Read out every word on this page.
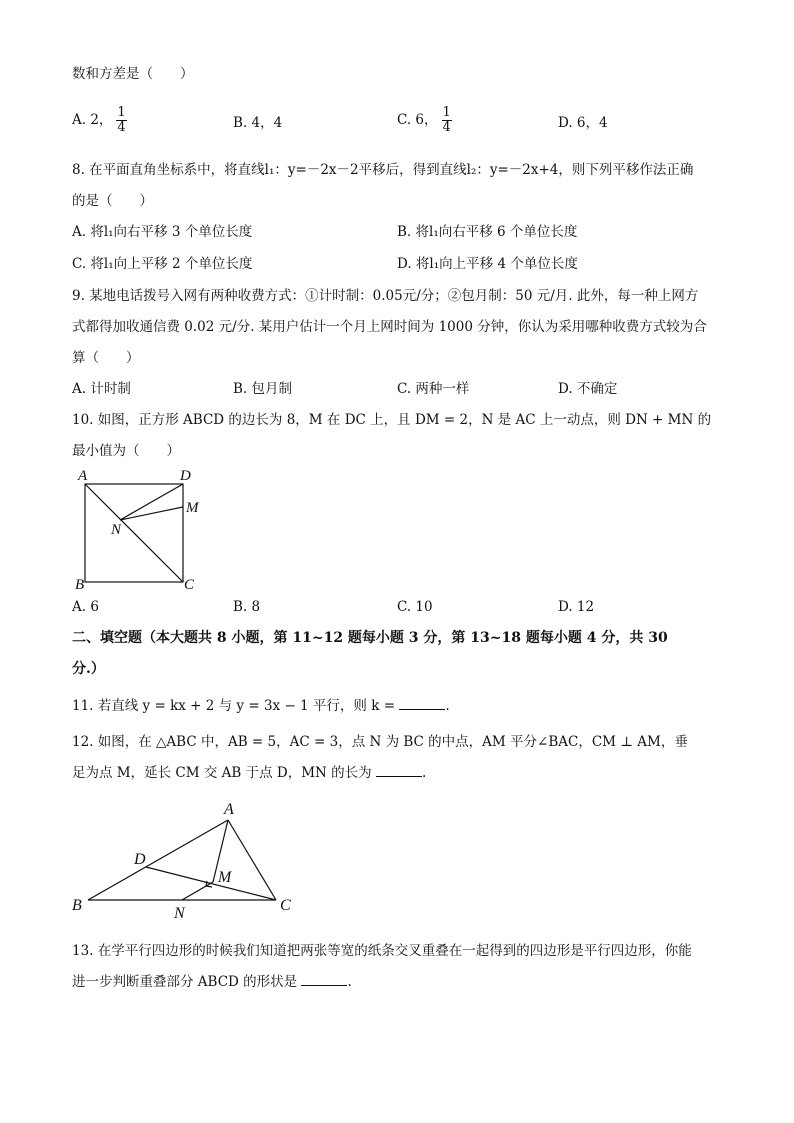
数和方差是（　　）
A. 2， $\frac{1}{4}$	B. 4，4	C. 6， $\frac{1}{4}$	D. 6，4
8. 在平面直角坐标系中，将直线l₁：y=－2x－2平移后，得到直线l₂：y=－2x+4，则下列平移作法正确
的是（　　）
A. 将l₁向右平移 3 个单位长度	B. 将l₁向右平移 6 个单位长度
C. 将l₁向上平移 2 个单位长度	D. 将l₁向上平移 4 个单位长度
9. 某地电话拨号入网有两种收费方式：①计时制：0.05元/分；②包月制：50 元/月. 此外，每一种上网方
式都得加收通信费 0.02 元/分. 某用户估计一个月上网时间为 1000 分钟，你认为采用哪种收费方式较为合
算（　　）
A. 计时制	B. 包月制	C. 两种一样	D. 不确定
10. 如图，正方形 ABCD 的边长为 8，M 在 DC 上，且 DM = 2，N 是 AC 上一动点，则 DN + MN 的
最小值为（　　）
A	D
M
N
B	C
A. 6	B. 8	C. 10	D. 12
二、填空题（本大题共 8 小题，第 11~12 题每小题 3 分，第 13~18 题每小题 4 分，共 30
分.）
11. 若直线 y = kx + 2 与 y = 3x − 1 平行，则 k =	.
12. 如图，在 △ABC 中，AB = 5，AC = 3，点 N 为 BC 的中点，AM 平分∠BAC，CM ⊥ AM，垂
足为点 M，延长 CM 交 AB 于点 D，MN 的长为	.
A
D
M
B	N	C
13. 在学平行四边形的时候我们知道把两张等宽的纸条交叉重叠在一起得到的四边形是平行四边形，你能
进一步判断重叠部分 ABCD 的形状是	.
